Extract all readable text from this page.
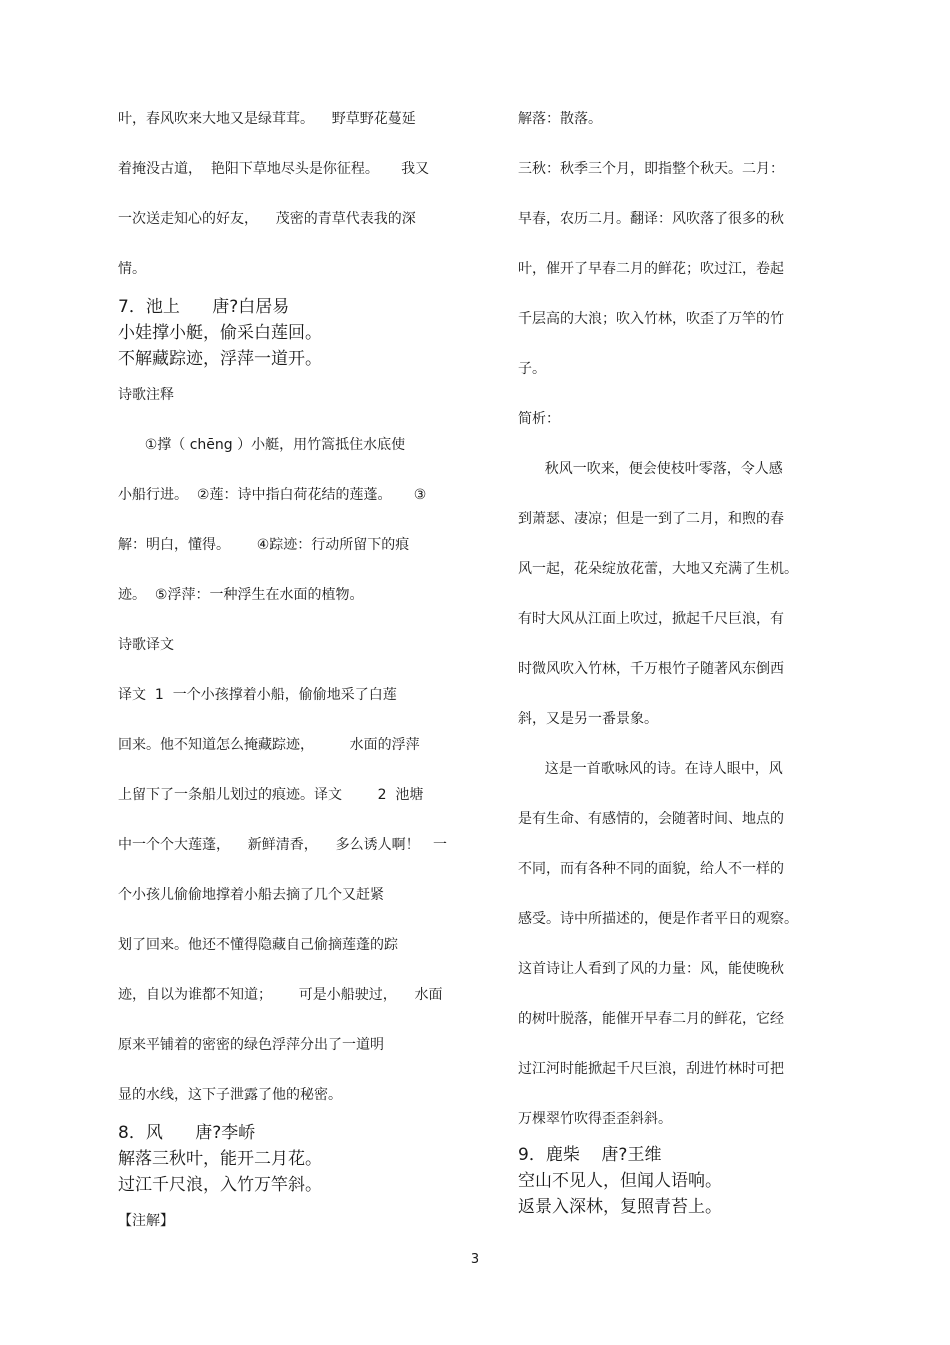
叶，春风吹来大地又是绿茸茸。    野草野花蔓延
着掩没古道，  艳阳下草地尽头是你征程。     我又
一次送走知心的好友，    茂密的青草代表我的深
情。
7．池上      唐?白居易
小娃撑小艇，偷采白莲回。
不解藏踪迹，浮萍一道开。
诗歌注释
①撑（ chēng ）小艇，用竹篙抵住水底使
小船行进。  ②莲：诗中指白荷花结的莲蓬。     ③
解：明白，懂得。      ④踪迹：行动所留下的痕
迹。  ⑤浮萍：一种浮生在水面的植物。
诗歌译文
译文  1  一个小孩撑着小船，偷偷地采了白莲
回来。他不知道怎么掩藏踪迹，        水面的浮萍
上留下了一条船儿划过的痕迹。译文        2  池塘
中一个个大莲蓬，    新鲜清香，    多么诱人啊！   一
个小孩儿偷偷地撑着小船去摘了几个又赶紧
划了回来。他还不懂得隐藏自己偷摘莲蓬的踪
迹，自以为谁都不知道；      可是小船驶过，    水面
原来平铺着的密密的绿色浮萍分出了一道明
显的水线，这下子泄露了他的秘密。
8．风      唐?李峤
解落三秋叶，能开二月花。
过江千尺浪，入竹万竿斜。
【注解】
解落：散落。
三秋：秋季三个月，即指整个秋天。二月：
早春，农历二月。翻译：风吹落了很多的秋
叶，催开了早春二月的鲜花；吹过江，卷起
千层高的大浪；吹入竹林，吹歪了万竿的竹
子。
简析：
秋风一吹来，便会使枝叶零落，令人感
到萧瑟、凄凉；但是一到了二月，和煦的春
风一起，花朵绽放花蕾，大地又充满了生机。
有时大风从江面上吹过，掀起千尺巨浪，有
时微风吹入竹林，千万根竹子随著风东倒西
斜，又是另一番景象。
这是一首歌咏风的诗。在诗人眼中，风
是有生命、有感情的，会随著时间、地点的
不同，而有各种不同的面貌，给人不一样的
感受。诗中所描述的，便是作者平日的观察。
这首诗让人看到了风的力量：风，能使晚秋
的树叶脱落，能催开早春二月的鲜花，它经
过江河时能掀起千尺巨浪，刮进竹林时可把
万棵翠竹吹得歪歪斜斜。
9．鹿柴    唐?王维
空山不见人，但闻人语响。
返景入深林，复照青苔上。
3
